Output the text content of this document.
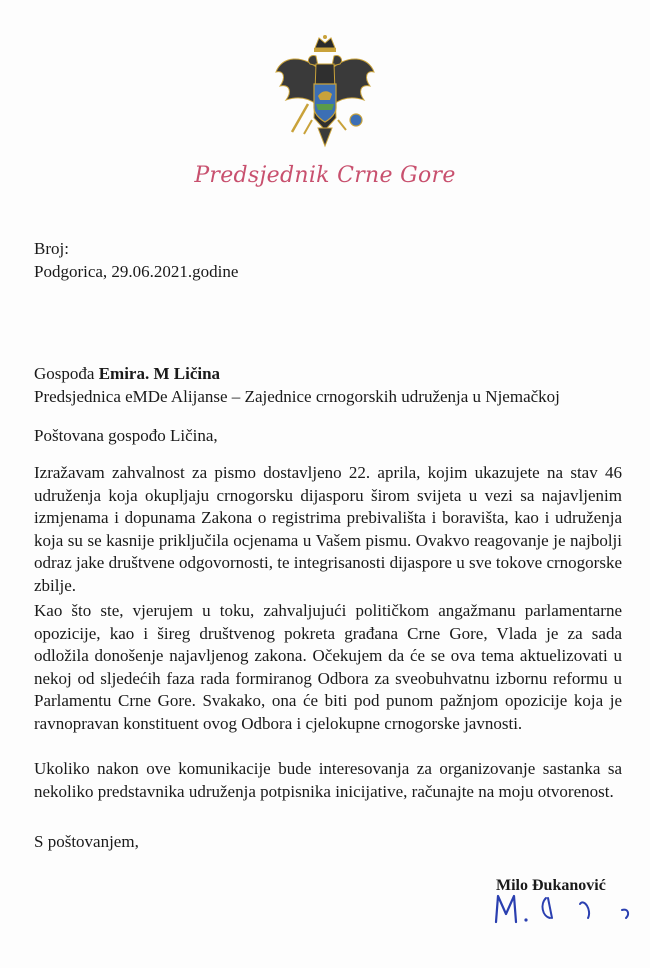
Predsjednik Crne Gore
Broj:
Podgorica, 29.06.2021.godine
Gospođa Emira. M Ličina
Predsjednica eMDe Alijanse – Zajednice crnogorskih udruženja u Njemačkoj
Poštovana gospođo Ličina,
Izražavam zahvalnost za pismo dostavljeno 22. aprila, kojim ukazujete na stav 46 udruženja koja okupljaju crnogorsku dijasporu širom svijeta u vezi sa najavljenim izmjenama i dopunama Zakona o registrima prebivališta i boravišta, kao i udruženja koja su se kasnije priključila ocjenama u Vašem pismu. Ovakvo reagovanje je najbolji odraz jake društvene odgovornosti, te integrisanosti dijaspore u sve tokove crnogorske zbilje.
Kao što ste, vjerujem u toku, zahvaljujući političkom angažmanu parlamentarne opozicije, kao i šireg društvenog pokreta građana Crne Gore, Vlada je za sada odložila donošenje najavljenog zakona. Očekujem da će se ova tema aktuelizovati u nekoj od sljedećih faza rada formiranog Odbora za sveobuhvatnu izbornu reformu u Parlamentu Crne Gore. Svakako, ona će biti pod punom pažnjom opozicije koja je ravnopravan konstituent ovog Odbora i cjelokupne crnogorske javnosti.
Ukoliko nakon ove komunikacije bude interesovanja za organizovanje sastanka sa nekoliko predstavnika udruženja potpisnika inicijative, računajte na moju otvorenost.
S poštovanjem,
Milo Đukanović
